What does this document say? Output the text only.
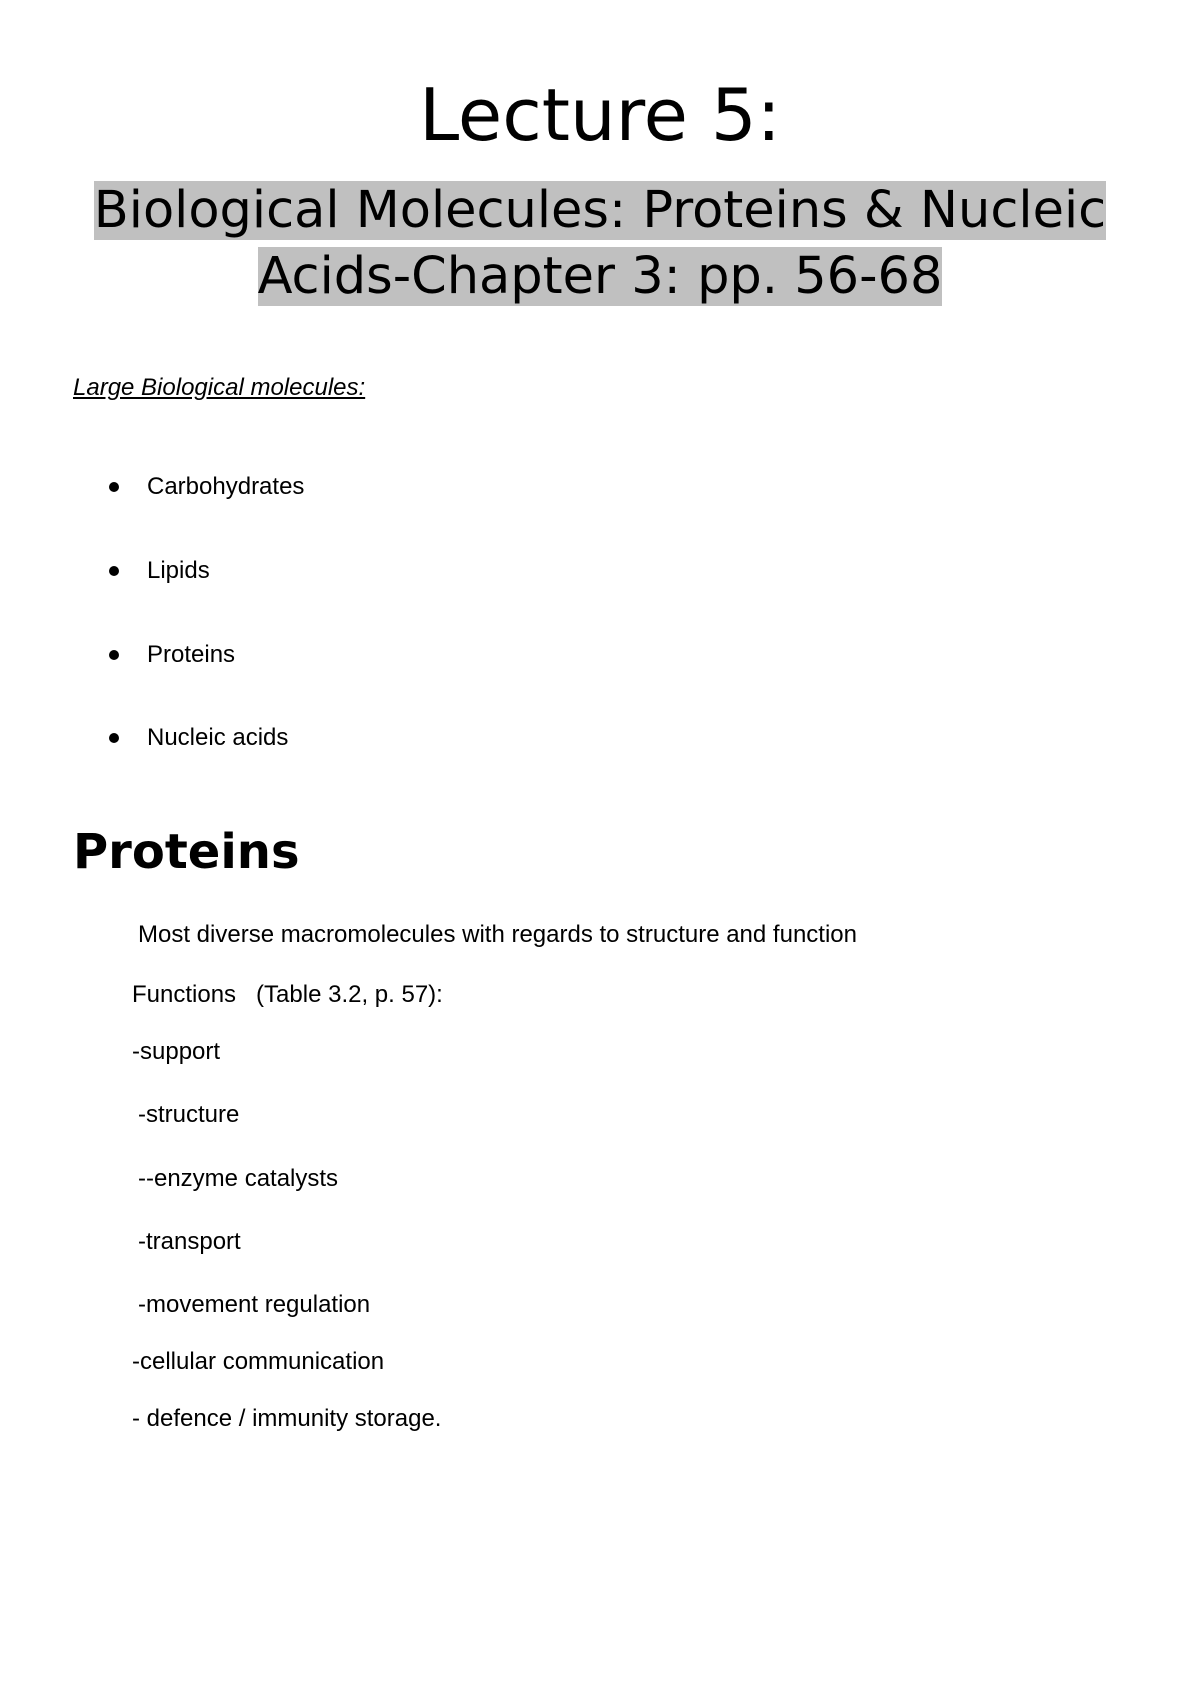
Lecture 5:
Biological Molecules: Proteins & Nucleic
Acids-Chapter 3: pp. 56-68

Large Biological molecules:

Carbohydrates
Lipids
Proteins
Nucleic acids
Proteins

Most diverse macromolecules with regards to structure and function

Functions   (Table 3.2, p. 57):

-support

-structure

--enzyme catalysts

-transport

-movement regulation

-cellular communication

- defence / immunity storage.
